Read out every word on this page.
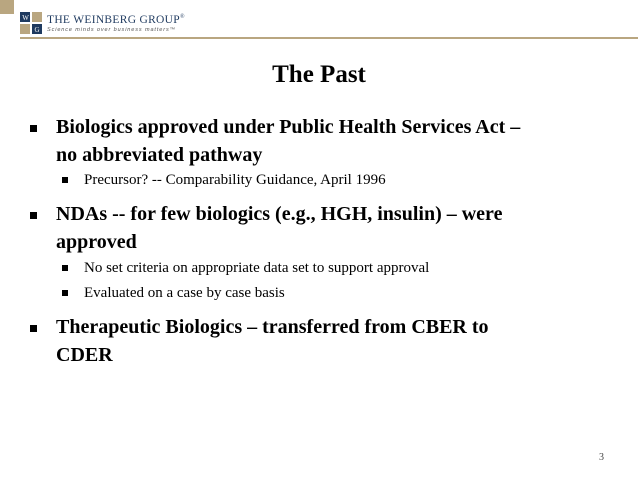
W
G
THE WEINBERG GROUP®
Science minds over business matters™
The Past
Biologics approved under Public Health Services Act –
no abbreviated pathway
Precursor? -- Comparability Guidance, April 1996
NDAs -- for few biologics (e.g., HGH, insulin) – were
approved
No set criteria on appropriate data set to support approval
Evaluated on a case by case basis
Therapeutic Biologics – transferred from CBER to
CDER
3
